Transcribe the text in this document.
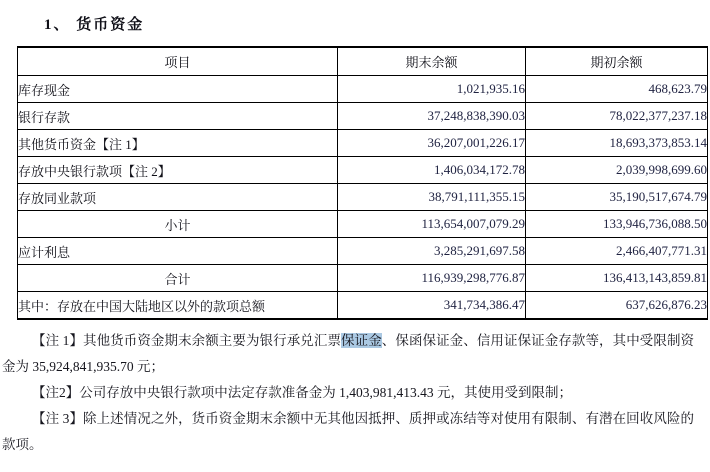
1、 货币资金
项目	期末余额	期初余额
库存现金	1,021,935.16	468,623.79
银行存款	37,248,838,390.03	78,022,377,237.18
其他货币资金【注 1】	36,207,001,226.17	18,693,373,853.14
存放中央银行款项【注 2】	1,406,034,172.78	2,039,998,699.60
存放同业款项	38,791,111,355.15	35,190,517,674.79
小计	113,654,007,079.29	133,946,736,088.50
应计利息	3,285,291,697.58	2,466,407,771.31
合计	116,939,298,776.87	136,413,143,859.81
其中：存放在中国大陆地区以外的款项总额	341,734,386.47	637,626,876.23

【注 1】其他货币资金期末余额主要为银行承兑汇票保证金、保函保证金、信用证保证金存款等，其中受限制资金为 35,924,841,935.70 元；

【注2】公司存放中央银行款项中法定存款准备金为 1,403,981,413.43 元，其使用受到限制；

【注 3】除上述情况之外，货币资金期末余额中无其他因抵押、质押或冻结等对使用有限制、有潜在回收风险的款项。
